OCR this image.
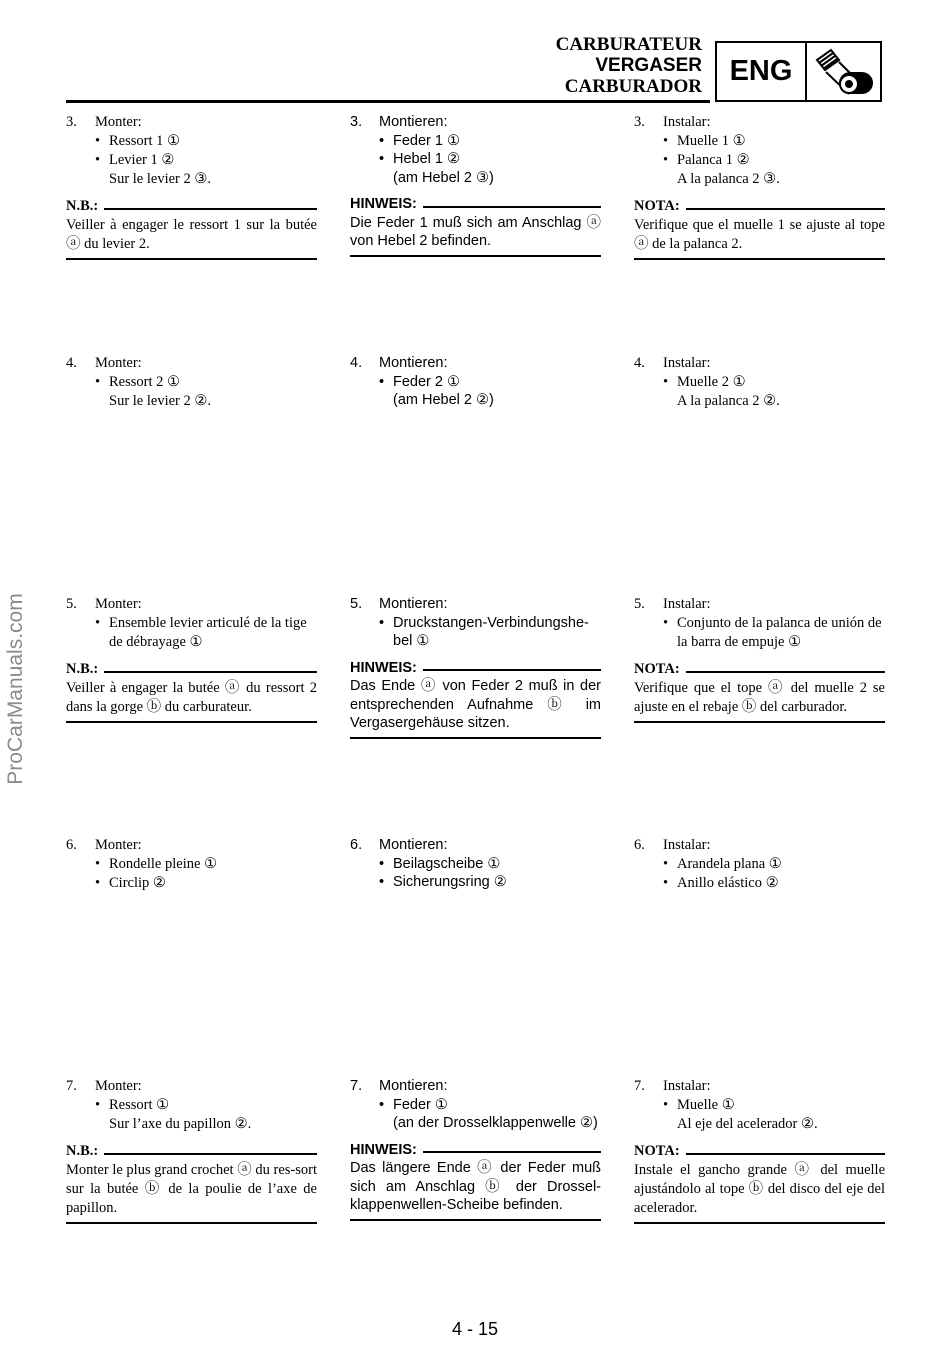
CARBURATEUR
VERGASER
CARBURADOR ENG
ProCarManuals.com
3. Monter:
• Ressort 1 ①
• Levier 1 ②
Sur le levier 2 ③.
N.B.:
Veiller à engager le ressort 1 sur la butée ⓐ du levier 2.
3. Montieren:
• Feder 1 ①
• Hebel 1 ②
(am Hebel 2 ③)
HINWEIS:
Die Feder 1 muß sich am Anschlag ⓐ von Hebel 2 befinden.
3. Instalar:
• Muelle 1 ①
• Palanca 1 ②
A la palanca 2 ③.
NOTA:
Verifique que el muelle 1 se ajuste al tope ⓐ de la palanca 2.
4. Monter:
• Ressort 2 ①
Sur le levier 2 ②.
4. Montieren:
• Feder 2 ①
(am Hebel 2 ②)
4. Instalar:
• Muelle 2 ①
A la palanca 2 ②.
5. Monter:
• Ensemble levier articulé de la tige de débrayage ①
N.B.:
Veiller à engager la butée ⓐ du ressort 2 dans la gorge ⓑ du carburateur.
5. Montieren:
• Druckstangen-Verbindungshe-bel ①
HINWEIS:
Das Ende ⓐ von Feder 2 muß in der entsprechenden Aufnahme ⓑ im Vergasergehäuse sitzen.
5. Instalar:
• Conjunto de la palanca de unión de la barra de empuje ①
NOTA:
Verifique que el tope ⓐ del muelle 2 se ajuste en el rebaje ⓑ del carburador.
6. Monter:
• Rondelle pleine ①
• Circlip ②
6. Montieren:
• Beilagscheibe ①
• Sicherungsring ②
6. Instalar:
• Arandela plana ①
• Anillo elástico ②
7. Monter:
• Ressort ①
Sur l’axe du papillon ②.
N.B.:
Monter le plus grand crochet ⓐ du res-sort sur la butée ⓑ de la poulie de l’axe de papillon.
7. Montieren:
• Feder ①
(an der Drosselklappenwelle ②)
HINWEIS:
Das längere Ende ⓐ der Feder muß sich am Anschlag ⓑ der Drossel-klappenwellen-Scheibe befinden.
7. Instalar:
• Muelle ①
Al eje del acelerador ②.
NOTA:
Instale el gancho grande ⓐ del muelle ajustándolo al tope ⓑ del disco del eje del acelerador.
4 - 15
